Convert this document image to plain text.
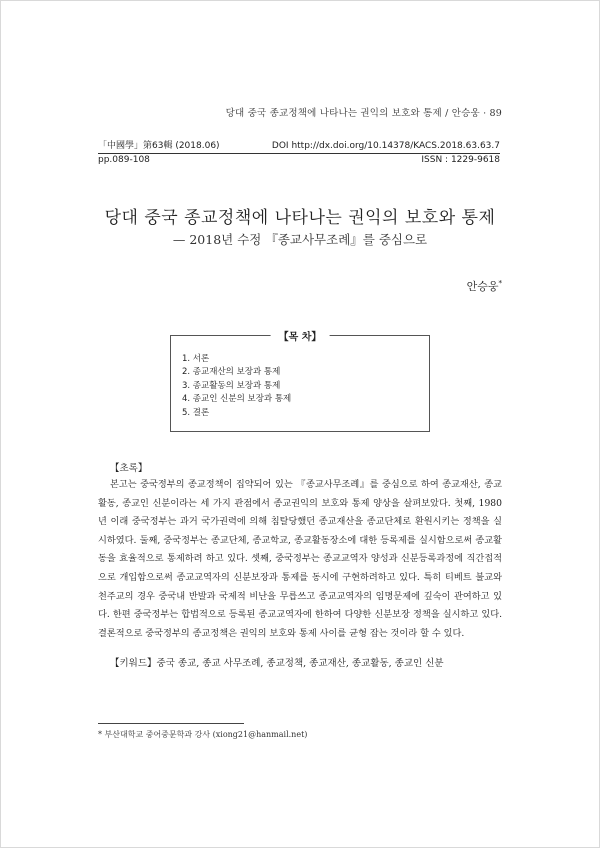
당대 중국 종교정책에 나타나는 권익의 보호와 통제 / 안승웅 · 89
「中國學」第63輯 (2018.06)	DOI http://dx.doi.org/10.14378/KACS.2018.63.63.7
pp.089-108	ISSN : 1229-9618
당대 중국 종교정책에 나타나는 권익의 보호와 통제
— 2018년 수정 『종교사무조례』를 중심으로
안승웅*
【목 차】
1. 서론
2. 종교재산의 보장과 통제
3. 종교활동의 보장과 통제
4. 종교인 신분의 보장과 통제
5. 결론
【초록】

본고는 중국정부의 종교정책이 집약되어 있는 『종교사무조례』를 중심으로 하여 종교재산, 종교활동, 종교인 신분이라는 세 가지 관점에서 종교권익의 보호와 통제 양상을 살펴보았다. 첫째, 1980년 이래 중국정부는 과거 국가권력에 의해 침탈당했던 종교재산을 종교단체로 환원시키는 정책을 실시하였다. 둘째, 중국정부는 종교단체, 종교학교, 종교활동장소에 대한 등록제를 실시함으로써 종교활동을 효율적으로 통제하려 하고 있다. 셋째, 중국정부는 종교교역자 양성과 신분등록과정에 직간접적으로 개입함으로써 종교교역자의 신분보장과 통제를 동시에 구현하려하고 있다. 특히 티베트 불교와 천주교의 경우 중국내 반발과 국제적 비난을 무릅쓰고 종교교역자의 임명문제에 깊숙이 관여하고 있다. 한편 중국정부는 합법적으로 등록된 종교교역자에 한하여 다양한 신분보장 정책을 실시하고 있다. 결론적으로 중국정부의 종교정책은 권익의 보호와 통제 사이를 균형 잡는 것이라 할 수 있다.

【키워드】중국 종교, 종교 사무조례, 종교정책, 종교재산, 종교활동, 종교인 신분
* 부산대학교 중어중문학과 강사 (xiong21@hanmail.net)
